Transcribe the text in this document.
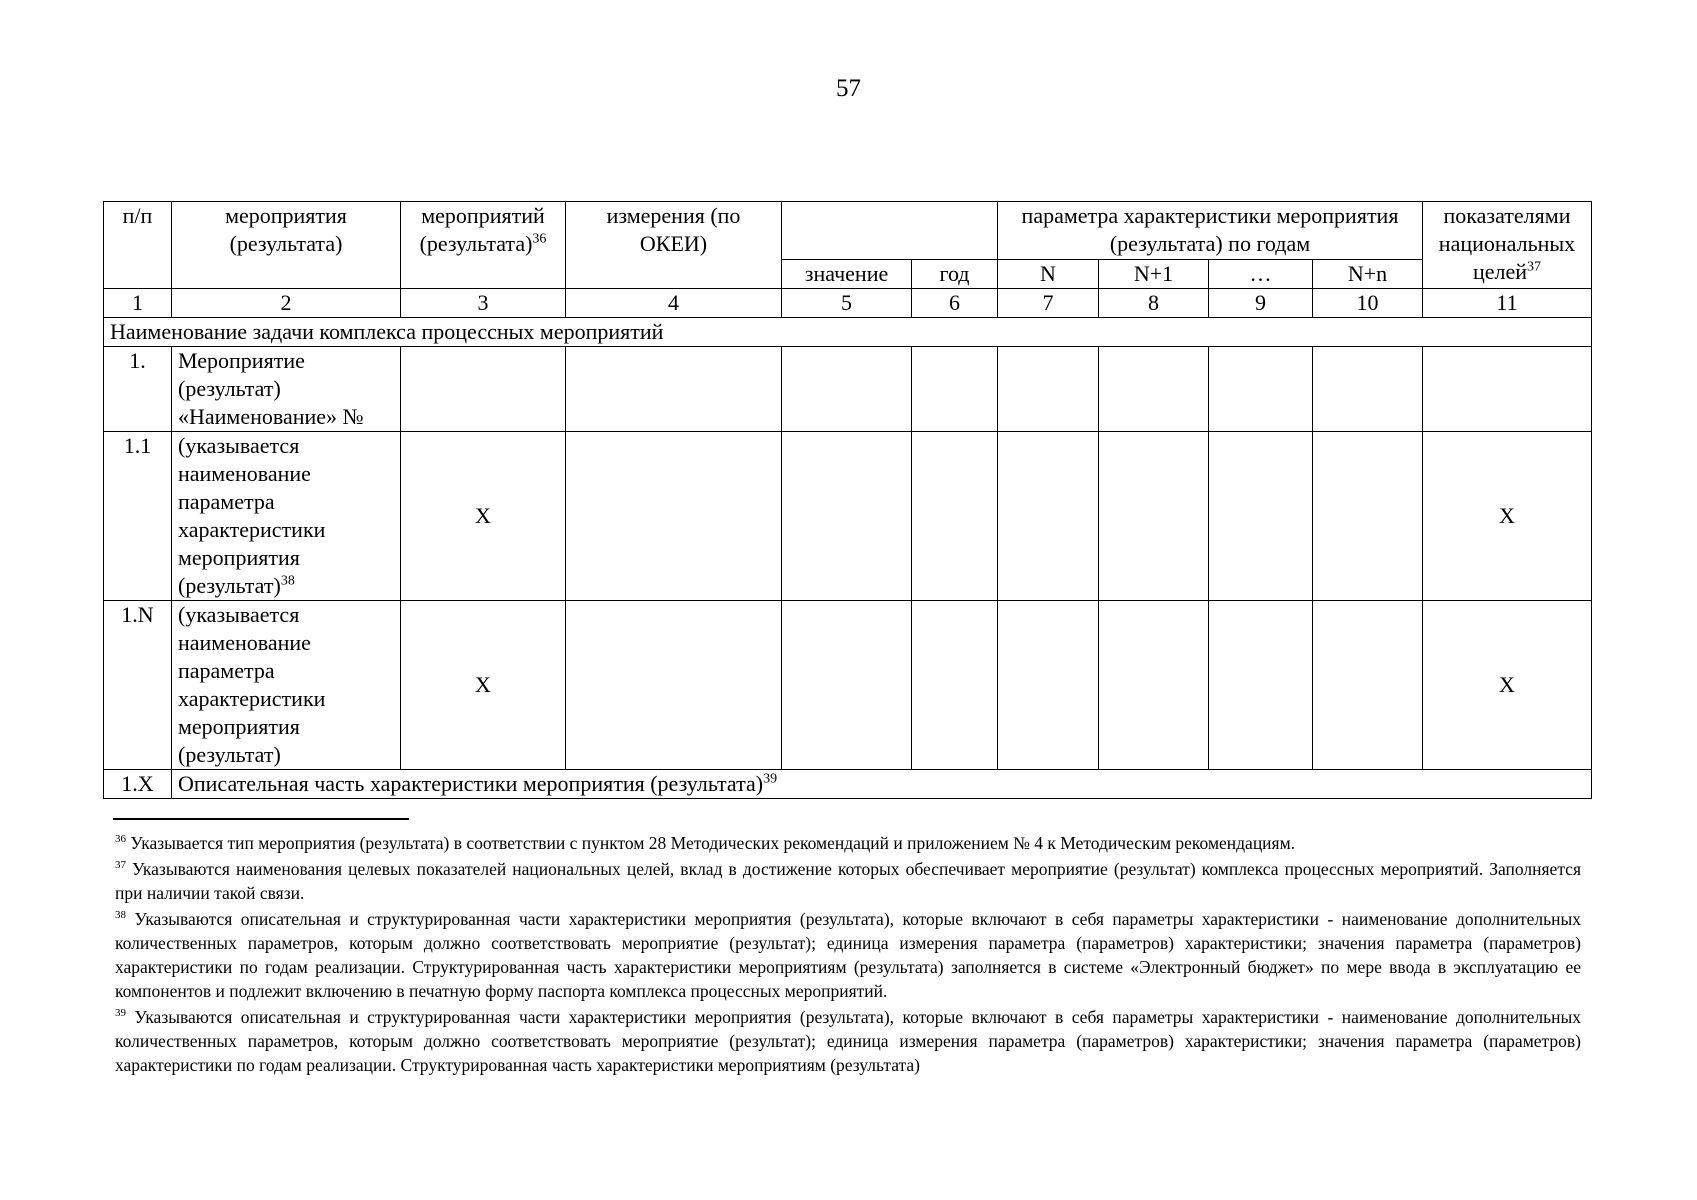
57
п/п	мероприятия (результата)	мероприятий (результата)$^{36}$	измерения (по ОКЕИ)			параметра характеристики мероприятия (результата) по годам				показателями национальных целей$^{37}$
				значение	год	N	N+1	…	N+n	
1	2	3	4	5	6	7	8	9	10	11
Наименование задачи комплекса процессных мероприятий										
1.	Мероприятие (результат) «Наименование» №									
1.1	(указывается наименование параметра характеристики мероприятия (результат)$^{38}$	X								X
1.N	(указывается наименование параметра характеристики мероприятия (результат)	X								X
1.X	Описательная часть характеристики мероприятия (результата)$^{39}$

$^{36}$ Указывается тип мероприятия (результата) в соответствии с пунктом 28 Методических рекомендаций и приложением № 4 к Методическим рекомендациям.

$^{37}$ Указываются наименования целевых показателей национальных целей, вклад в достижение которых обеспечивает мероприятие (результат) комплекса процессных мероприятий. Заполняется при наличии такой связи.

$^{38}$ Указываются описательная и структурированная части характеристики мероприятия (результата), которые включают в себя параметры характеристики - наименование дополнительных количественных параметров, которым должно соответствовать мероприятие (результат); единица измерения параметра (параметров) характеристики; значения параметра (параметров) характеристики по годам реализации. Структурированная часть характеристики мероприятиям (результата) заполняется в системе «Электронный бюджет» по мере ввода в эксплуатацию ее компонентов и подлежит включению в печатную форму паспорта комплекса процессных мероприятий.

$^{39}$ Указываются описательная и структурированная части характеристики мероприятия (результата), которые включают в себя параметры характеристики - наименование дополнительных количественных параметров, которым должно соответствовать мероприятие (результат); единица измерения параметра (параметров) характеристики; значения параметра (параметров) характеристики по годам реализации. Структурированная часть характеристики мероприятиям (результата)
